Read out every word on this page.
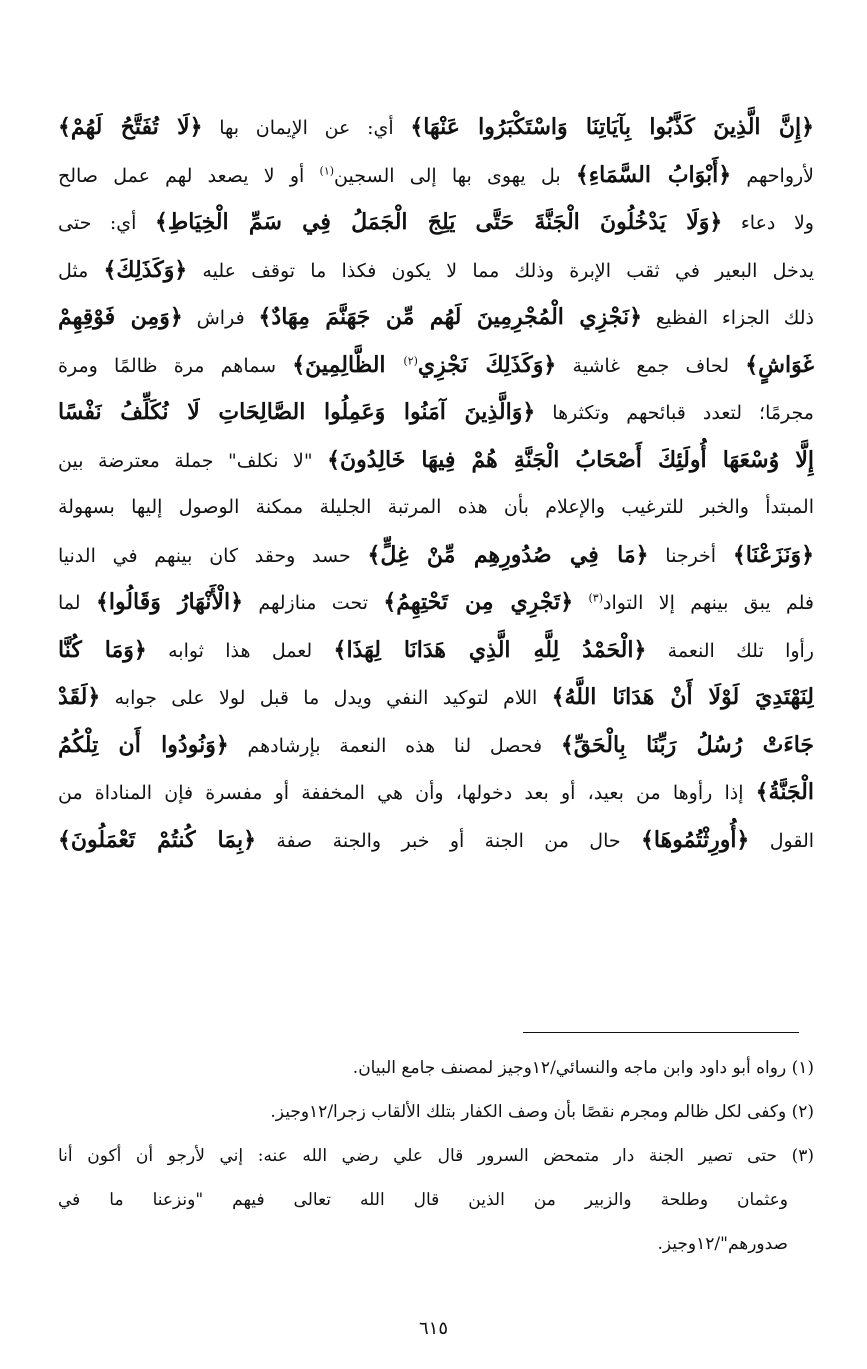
﴿إِنَّ الَّذِينَ كَذَّبُوا بِآيَاتِنَا وَاسْتَكْبَرُوا عَنْهَا﴾ أي: عن الإيمان بها ﴿لَا تُفَتَّحُ لَهُمْ﴾
لأرواحهم ﴿أَبْوَابُ السَّمَاءِ﴾ بل يهوى بها إلى السجين$^{(١)}$ أو لا يصعد لهم عمل صالح
ولا دعاء ﴿وَلَا يَدْخُلُونَ الْجَنَّةَ حَتَّى يَلِجَ الْجَمَلُ فِي سَمِّ الْخِيَاطِ﴾ أي: حتى
يدخل البعير في ثقب الإبرة وذلك مما لا يكون فكذا ما توقف عليه ﴿وَكَذَلِكَ﴾ مثل
ذلك الجزاء الفظيع ﴿نَجْزِي الْمُجْرِمِينَ لَهُم مِّن جَهَنَّمَ مِهَادٌ﴾ فراش ﴿وَمِن فَوْقِهِمْ
غَوَاشٍ﴾ لحاف جمع غاشية ﴿وَكَذَلِكَ نَجْزِي$^{(٢)}$ الظَّالِمِينَ﴾ سماهم مرة ظالمًا ومرة
مجرمًا؛ لتعدد قبائحهم وتكثرها ﴿وَالَّذِينَ آمَنُوا وَعَمِلُوا الصَّالِحَاتِ لَا نُكَلِّفُ نَفْسًا
إِلَّا وُسْعَهَا أُولَئِكَ أَصْحَابُ الْجَنَّةِ هُمْ فِيهَا خَالِدُونَ﴾ "لا نكلف" جملة معترضة بين
المبتدأ والخبر للترغيب والإعلام بأن هذه المرتبة الجليلة ممكنة الوصول إليها بسهولة
﴿وَنَزَعْنَا﴾ أخرجنا ﴿مَا فِي صُدُورِهِم مِّنْ غِلٍّ﴾ حسد وحقد كان بينهم في الدنيا
فلم يبق بينهم إلا التواد$^{(٣)}$ ﴿تَجْرِي مِن تَحْتِهِمُ﴾ تحت منازلهم ﴿الْأَنْهَارُ وَقَالُوا﴾ لما
رأوا تلك النعمة ﴿الْحَمْدُ لِلَّهِ الَّذِي هَدَانَا لِهَذَا﴾ لعمل هذا ثوابه ﴿وَمَا كُنَّا
لِنَهْتَدِيَ لَوْلَا أَنْ هَدَانَا اللَّهُ﴾ اللام لتوكيد النفي ويدل ما قبل لولا على جوابه ﴿لَقَدْ
جَاءَتْ رُسُلُ رَبِّنَا بِالْحَقِّ﴾ فحصل لنا هذه النعمة بإرشادهم ﴿وَنُودُوا أَن تِلْكُمُ
الْجَنَّةُ﴾ إذا رأوها من بعيد، أو بعد دخولها، وأن هي المخففة أو مفسرة فإن المناداة من
القول ﴿أُورِثْتُمُوهَا﴾ حال من الجنة أو خبر والجنة صفة ﴿بِمَا كُنتُمْ تَعْمَلُونَ﴾
(١) رواه أبو داود وابن ماجه والنسائي/١٢وجيز لمصنف جامع البيان.
(٢) وكفى لكل ظالم ومجرم نقصًا بأن وصف الكفار بتلك الألقاب زجرا/١٢وجيز.
(٣) حتى تصير الجنة دار متمحض السرور قال علي رضي الله عنه: إني لأرجو أن أكون أنا
وعثمان وطلحة والزبير من الذين قال الله تعالى فيهم "ونزعنا ما في
صدورهم"/١٢وجيز.
٦١٥
